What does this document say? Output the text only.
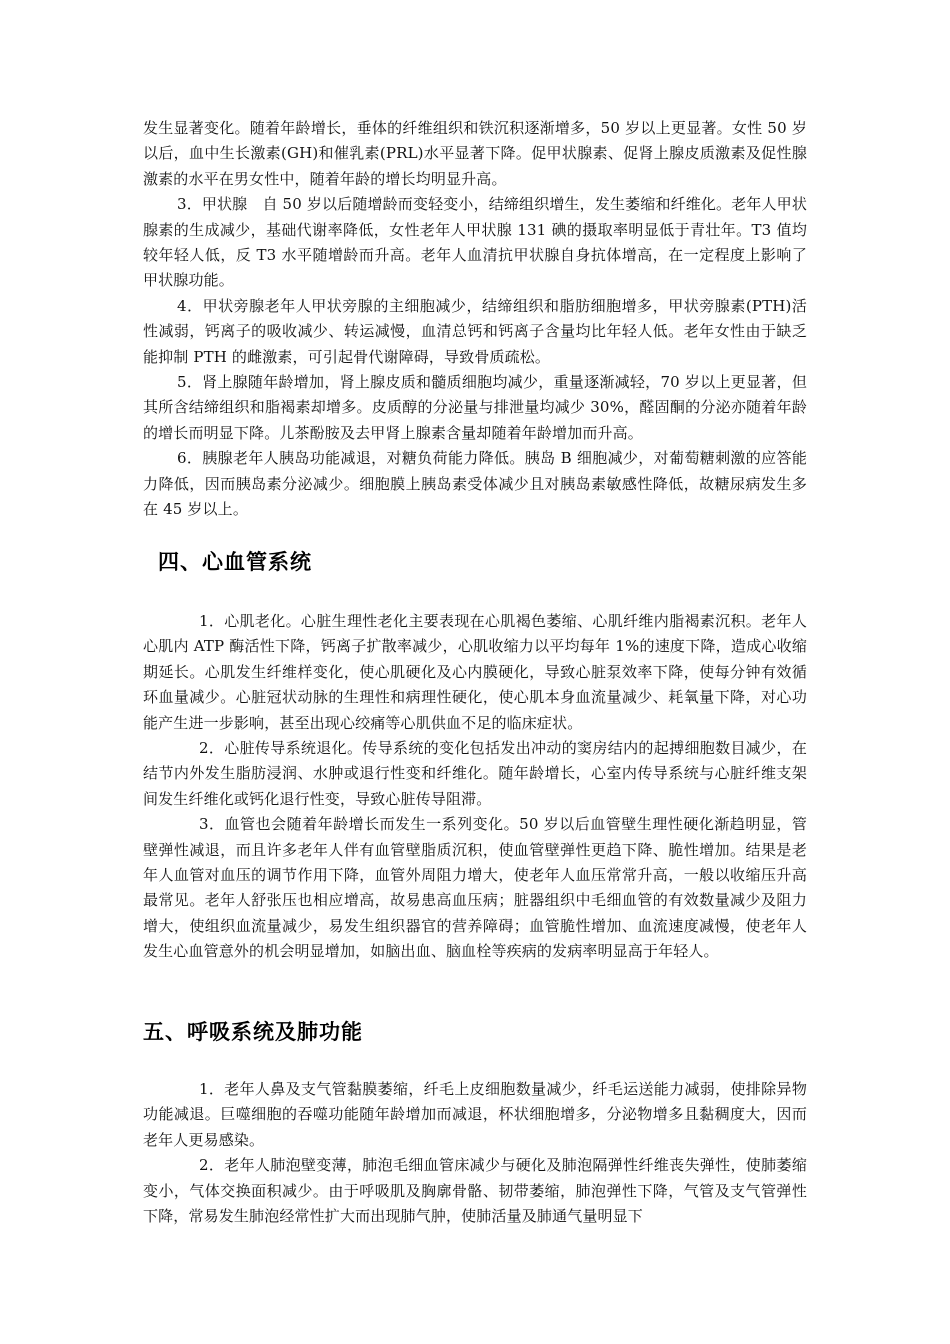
发生显著变化。随着年龄增长，垂体的纤维组织和铁沉积逐渐增多，50 岁以上更显著。女性 50 岁以后，血中生长激素(GH)和催乳素(PRL)水平显著下降。促甲状腺素、促肾上腺皮质激素及促性腺激素的水平在男女性中，随着年龄的增长均明显升高。

3．甲状腺　自 50 岁以后随增龄而变轻变小，结缔组织增生，发生萎缩和纤维化。老年人甲状腺素的生成减少，基础代谢率降低，女性老年人甲状腺 131 碘的摄取率明显低于青壮年。T3 值均较年轻人低，反 T3 水平随增龄而升高。老年人血清抗甲状腺自身抗体增高，在一定程度上影响了甲状腺功能。

4．甲状旁腺老年人甲状旁腺的主细胞减少，结缔组织和脂肪细胞增多，甲状旁腺素(PTH)活性减弱，钙离子的吸收减少、转运减慢，血清总钙和钙离子含量均比年轻人低。老年女性由于缺乏能抑制 PTH 的雌激素，可引起骨代谢障碍，导致骨质疏松。

5．肾上腺随年龄增加，肾上腺皮质和髓质细胞均减少，重量逐渐减轻，70 岁以上更显著，但其所含结缔组织和脂褐素却增多。皮质醇的分泌量与排泄量均减少 30%，醛固酮的分泌亦随着年龄的增长而明显下降。儿茶酚胺及去甲肾上腺素含量却随着年龄增加而升高。

6．胰腺老年人胰岛功能减退，对糖负荷能力降低。胰岛 B 细胞减少，对葡萄糖刺激的应答能力降低，因而胰岛素分泌减少。细胞膜上胰岛素受体减少且对胰岛素敏感性降低，故糖尿病发生多在 45 岁以上。

四、心血管系统

1．心肌老化。心脏生理性老化主要表现在心肌褐色萎缩、心肌纤维内脂褐素沉积。老年人心肌内 ATP 酶活性下降，钙离子扩散率减少，心肌收缩力以平均每年 1%的速度下降，造成心收缩期延长。心肌发生纤维样变化，使心肌硬化及心内膜硬化，导致心脏泵效率下降，使每分钟有效循环血量减少。心脏冠状动脉的生理性和病理性硬化，使心肌本身血流量减少、耗氧量下降，对心功能产生进一步影响，甚至出现心绞痛等心肌供血不足的临床症状。

2．心脏传导系统退化。传导系统的变化包括发出冲动的窦房结内的起搏细胞数目减少，在结节内外发生脂肪浸润、水肿或退行性变和纤维化。随年龄增长，心室内传导系统与心脏纤维支架间发生纤维化或钙化退行性变，导致心脏传导阻滞。

3．血管也会随着年龄增长而发生一系列变化。50 岁以后血管壁生理性硬化渐趋明显，管壁弹性减退，而且许多老年人伴有血管壁脂质沉积，使血管壁弹性更趋下降、脆性增加。结果是老年人血管对血压的调节作用下降，血管外周阻力增大，使老年人血压常常升高，一般以收缩压升高最常见。老年人舒张压也相应增高，故易患高血压病；脏器组织中毛细血管的有效数量减少及阻力增大，使组织血流量减少，易发生组织器官的营养障碍；血管脆性增加、血流速度减慢，使老年人发生心血管意外的机会明显增加，如脑出血、脑血栓等疾病的发病率明显高于年轻人。

五、呼吸系统及肺功能

1．老年人鼻及支气管黏膜萎缩，纤毛上皮细胞数量减少，纤毛运送能力减弱，使排除异物功能减退。巨噬细胞的吞噬功能随年龄增加而减退，杯状细胞增多，分泌物增多且黏稠度大，因而老年人更易感染。

2．老年人肺泡壁变薄，肺泡毛细血管床减少与硬化及肺泡隔弹性纤维丧失弹性，使肺萎缩变小，气体交换面积减少。由于呼吸肌及胸廓骨骼、韧带萎缩，肺泡弹性下降，气管及支气管弹性下降，常易发生肺泡经常性扩大而出现肺气肿，使肺活量及肺通气量明显下
